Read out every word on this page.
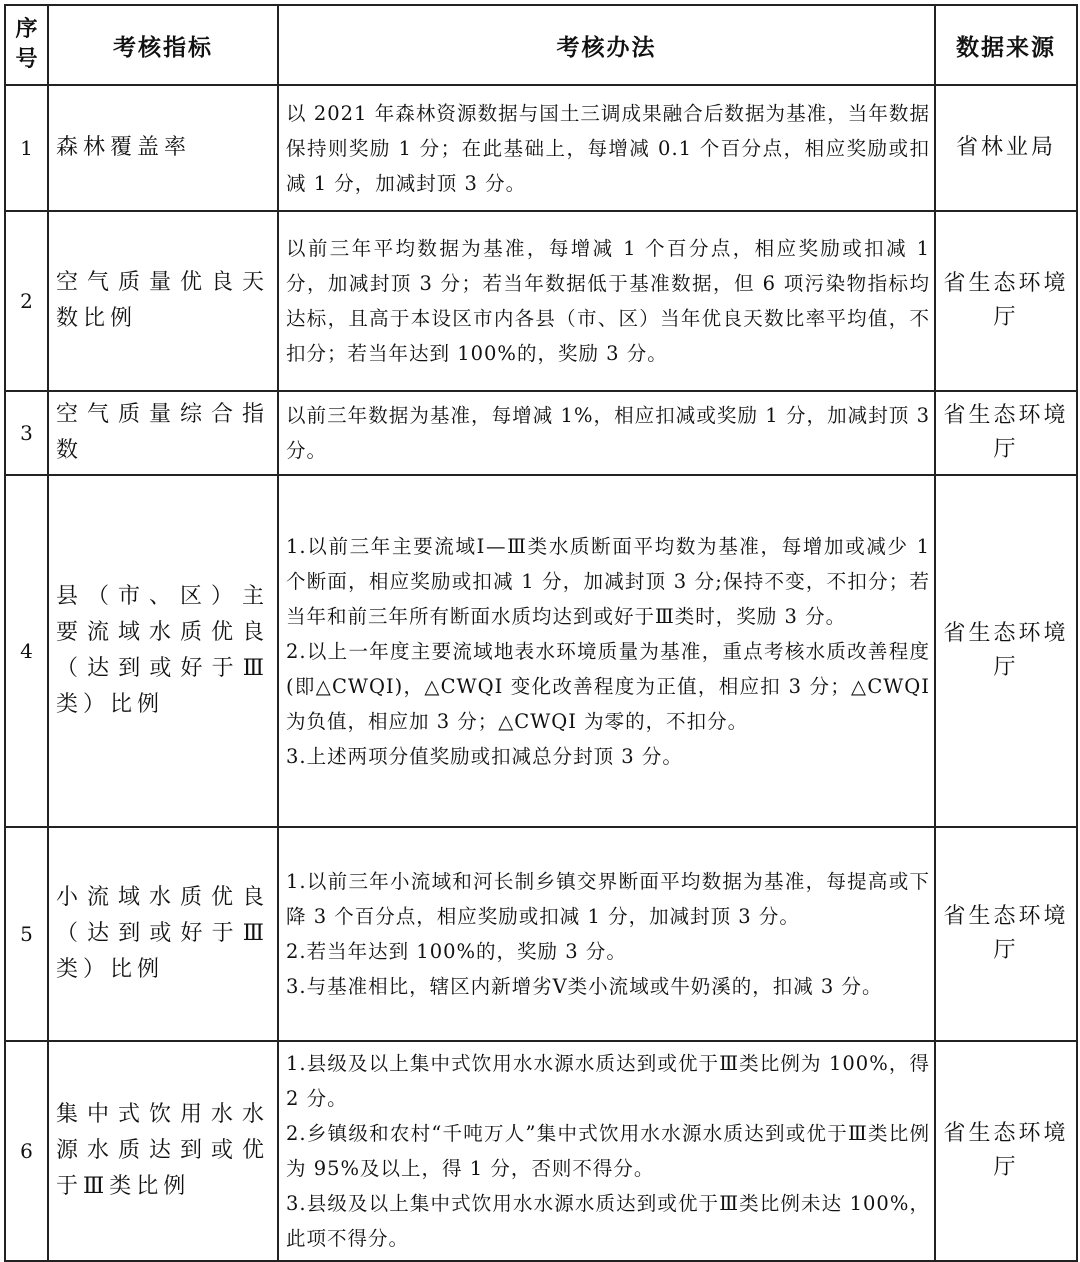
序号	考核指标	考核办法	数据来源
1	森林覆盖率	以 2021 年森林资源数据与国土三调成果融合后数据为基准，当年数据保持则奖励 1 分；在此基础上，每增减 0.1 个百分点，相应奖励或扣减 1 分，加减封顶 3 分。	省林业局
2	空气质量优良天数比例	以前三年平均数据为基准，每增减 1 个百分点，相应奖励或扣减 1 分，加减封顶 3 分；若当年数据低于基准数据，但 6 项污染物指标均达标，且高于本设区市内各县（市、区）当年优良天数比率平均值，不扣分；若当年达到 100%的，奖励 3 分。	省生态环境厅
3	空气质量综合指数	以前三年数据为基准，每增减 1%，相应扣减或奖励 1 分，加减封顶 3 分。	省生态环境厅
4	县（市、区）主要流域水质优良（达到或好于Ⅲ类）比例	1.以前三年主要流域Ⅰ—Ⅲ类水质断面平均数为基准，每增加或减少 1 个断面，相应奖励或扣减 1 分，加减封顶 3 分;保持不变，不扣分；若当年和前三年所有断面水质均达到或好于Ⅲ类时，奖励 3 分。
2.以上一年度主要流域地表水环境质量为基准，重点考核水质改善程度(即△CWQI)，△CWQI 变化改善程度为正值，相应扣 3 分；△CWQI 为负值，相应加 3 分；△CWQI 为零的，不扣分。
3.上述两项分值奖励或扣减总分封顶 3 分。	省生态环境厅
5	小流域水质优良（达到或好于Ⅲ类）比例	1.以前三年小流域和河长制乡镇交界断面平均数据为基准，每提高或下降 3 个百分点，相应奖励或扣减 1 分，加减封顶 3 分。
2.若当年达到 100%的，奖励 3 分。
3.与基准相比，辖区内新增劣Ⅴ类小流域或牛奶溪的，扣减 3 分。	省生态环境厅
6	集中式饮用水水源水质达到或优于Ⅲ类比例	1.县级及以上集中式饮用水水源水质达到或优于Ⅲ类比例为 100%，得 2 分。
2.乡镇级和农村“千吨万人”集中式饮用水水源水质达到或优于Ⅲ类比例为 95%及以上，得 1 分，否则不得分。
3.县级及以上集中式饮用水水源水质达到或优于Ⅲ类比例未达 100%，此项不得分。	省生态环境厅
